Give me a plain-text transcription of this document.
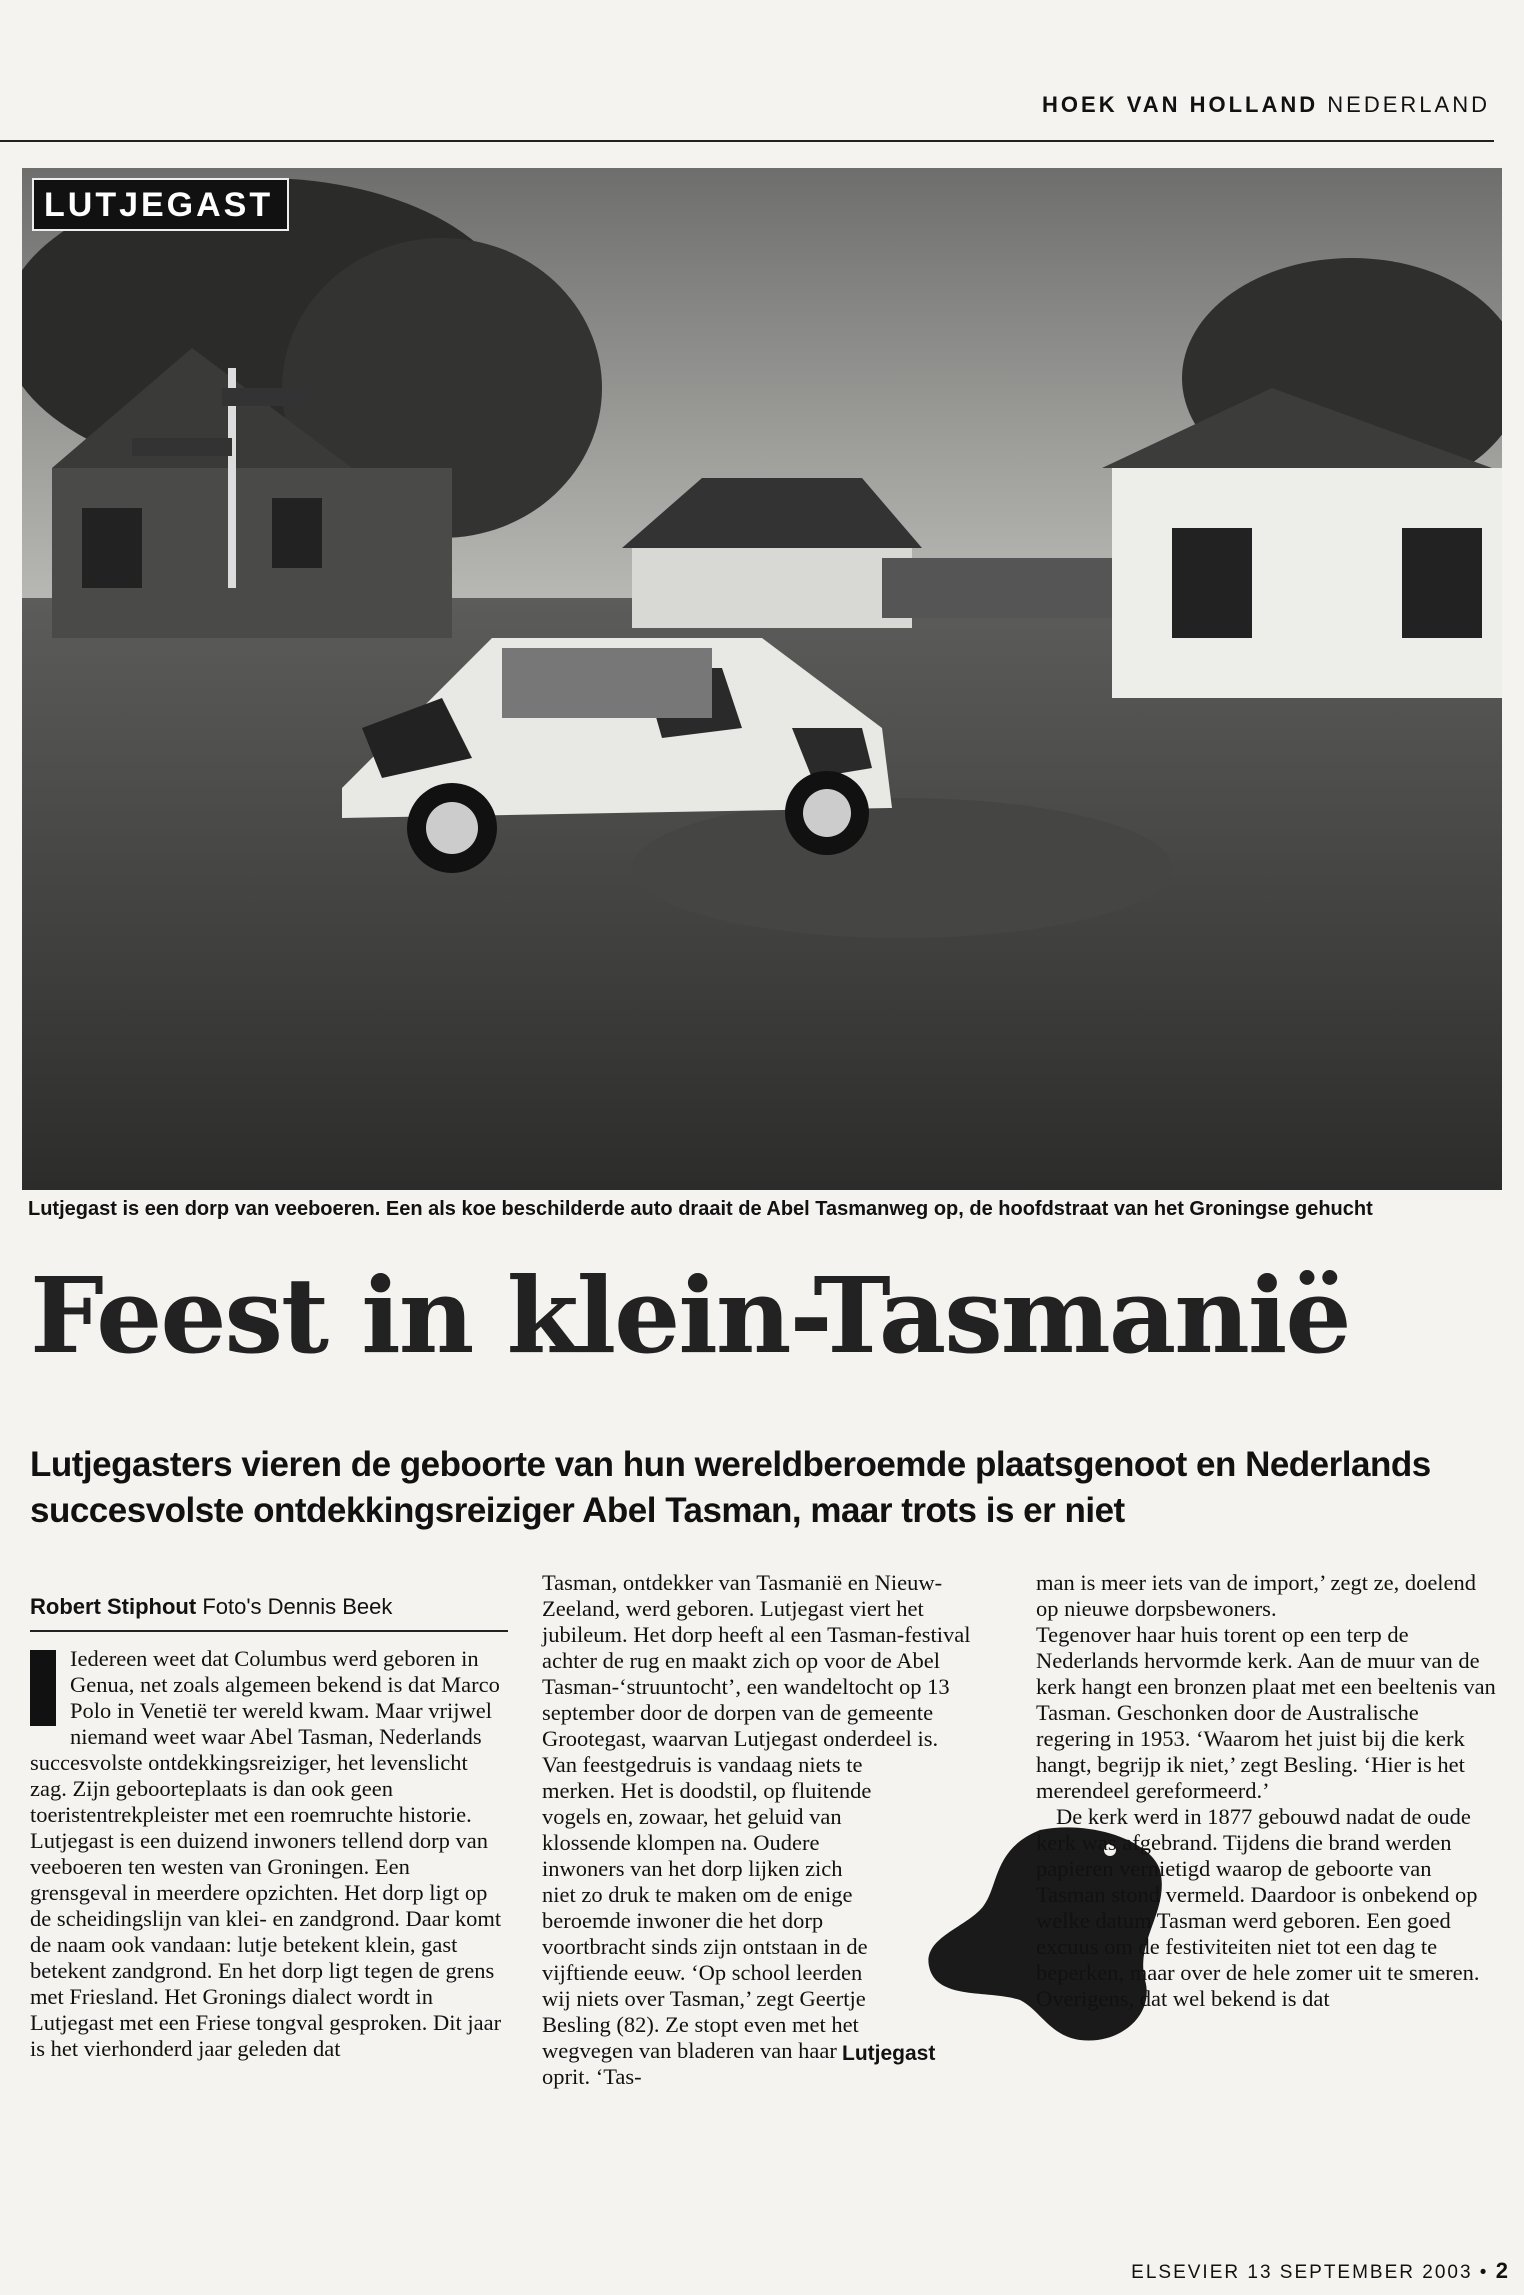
HOEK VAN HOLLAND NEDERLAND
LUTJEGAST
Lutjegast is een dorp van veeboeren. Een als koe beschilderde auto draait de Abel Tasmanweg op, de hoofdstraat van het Groningse gehucht
Feest in klein-Tasmanië

Lutjegasters vieren de geboorte van hun wereldberoemde plaatsgenoot en Nederlands succesvolste ontdekkingsreiziger Abel Tasman, maar trots is er niet

Robert Stiphout Foto's Dennis Beek

Iedereen weet dat Columbus werd geboren in Genua, net zoals algemeen bekend is dat Marco Polo in Venetië ter wereld kwam. Maar vrijwel niemand weet waar Abel Tasman, Nederlands succesvolste ontdekkingsreiziger, het levenslicht zag. Zijn geboorteplaats is dan ook geen toeristentrekpleister met een roemruchte historie.

Lutjegast is een duizend inwoners tellend dorp van veeboeren ten westen van Groningen. Een grensgeval in meerdere opzichten. Het dorp ligt op de scheidingslijn van klei- en zandgrond. Daar komt de naam ook vandaan: lutje betekent klein, gast betekent zandgrond. En het dorp ligt tegen de grens met Friesland. Het Gronings dialect wordt in Lutjegast met een Friese tongval gesproken. Dit jaar is het vierhonderd jaar geleden dat

Tasman, ontdekker van Tasmanië en Nieuw-Zeeland, werd geboren. Lutjegast viert het jubileum. Het dorp heeft al een Tasman-festival achter de rug en maakt zich op voor de Abel Tasman-‘struuntocht’, een wandeltocht op 13 september door de dorpen van de gemeente Grootegast, waarvan Lutjegast onderdeel is.

Van feestgedruis is vandaag niets te merken. Het is doodstil, op fluitende vogels en, zowaar, het geluid van klossende klompen na. Oudere inwoners van het dorp lijken zich niet zo druk te maken om de enige beroemde inwoner die het dorp voortbracht sinds zijn ontstaan in de vijftiende eeuw. ‘Op school leerden wij niets over Tasman,’ zegt Geertje Besling (82). Ze stopt even met het wegvegen van bladeren van haar oprit. ‘Tas-

Lutjegast

man is meer iets van de import,’ zegt ze, doelend op nieuwe dorpsbewoners.

Tegenover haar huis torent op een terp de Nederlands hervormde kerk. Aan de muur van de kerk hangt een bronzen plaat met een beeltenis van Tasman. Geschonken door de Australische regering in 1953. ‘Waarom het juist bij die kerk hangt, begrijp ik niet,’ zegt Besling. ‘Hier is het merendeel gereformeerd.’

De kerk werd in 1877 gebouwd nadat de oude kerk was afgebrand. Tijdens die brand werden papieren vernietigd waarop de geboorte van Tasman stond vermeld. Daardoor is onbekend op welke datum Tasman werd geboren. Een goed excuus om de festiviteiten niet tot een dag te beperken, maar over de hele zomer uit te smeren. Overigens, dat wel bekend is dat

ELSEVIER 13 SEPTEMBER 2003 • 2
